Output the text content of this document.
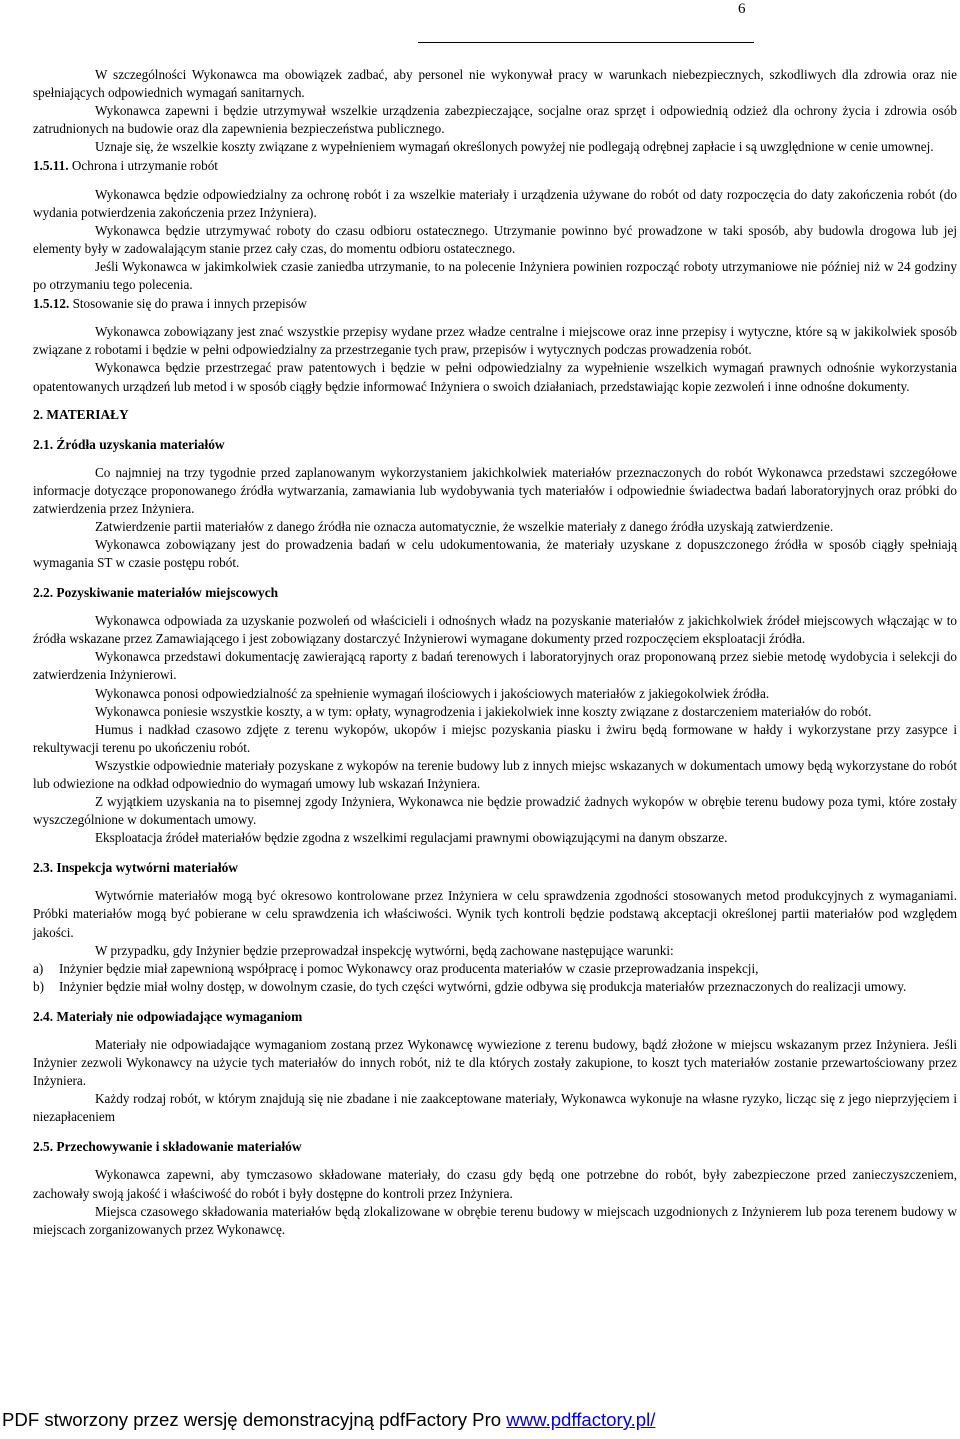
6

W szczególności Wykonawca ma obowiązek zadbać, aby personel nie wykonywał pracy w warunkach niebezpiecznych, szkodliwych dla zdrowia oraz nie spełniających odpowiednich wymagań sanitarnych.

Wykonawca zapewni i będzie utrzymywał wszelkie urządzenia zabezpieczające, socjalne oraz sprzęt i odpowiednią odzież dla ochrony życia i zdrowia osób zatrudnionych na budowie oraz dla zapewnienia bezpieczeństwa publicznego.

Uznaje się, że wszelkie koszty związane z wypełnieniem wymagań określonych powyżej nie podlegają odrębnej zapłacie i są uwzględnione w cenie umownej.

1.5.11. Ochrona i utrzymanie robót

Wykonawca będzie odpowiedzialny za ochronę robót i za wszelkie materiały i urządzenia używane do robót od daty rozpoczęcia do daty zakończenia robót (do wydania potwierdzenia zakończenia przez Inżyniera).

Wykonawca będzie utrzymywać roboty do czasu odbioru ostatecznego. Utrzymanie powinno być prowadzone w taki sposób, aby budowla drogowa lub jej elementy były w zadowalającym stanie przez cały czas, do momentu odbioru ostatecznego.

Jeśli Wykonawca w jakimkolwiek czasie zaniedba utrzymanie, to na polecenie Inżyniera powinien rozpocząć roboty utrzymaniowe nie później niż w 24 godziny po otrzymaniu tego polecenia.

1.5.12. Stosowanie się do prawa i innych przepisów

Wykonawca zobowiązany jest znać wszystkie przepisy wydane przez władze centralne i miejscowe oraz inne przepisy i wytyczne, które są w jakikolwiek sposób związane z robotami i będzie w pełni odpowiedzialny za przestrzeganie tych praw, przepisów i wytycznych podczas prowadzenia robót.

Wykonawca będzie przestrzegać praw patentowych i będzie w pełni odpowiedzialny za wypełnienie wszelkich wymagań prawnych odnośnie wykorzystania opatentowanych urządzeń lub metod i w sposób ciągły będzie informować Inżyniera o swoich działaniach, przedstawiając kopie zezwoleń i inne odnośne dokumenty.

2. MATERIAŁY
2.1. Źródła uzyskania materiałów

Co najmniej na trzy tygodnie przed zaplanowanym wykorzystaniem jakichkolwiek materiałów przeznaczonych do robót Wykonawca przedstawi szczegółowe informacje dotyczące proponowanego źródła wytwarzania, zamawiania lub wydobywania tych materiałów i odpowiednie świadectwa badań laboratoryjnych oraz próbki do zatwierdzenia przez Inżyniera.

Zatwierdzenie partii materiałów z danego źródła nie oznacza automatycznie, że wszelkie materiały z danego źródła uzyskają zatwierdzenie.

Wykonawca zobowiązany jest do prowadzenia badań w celu udokumentowania, że materiały uzyskane z dopuszczonego źródła w sposób ciągły spełniają wymagania ST w czasie postępu robót.

2.2. Pozyskiwanie materiałów miejscowych

Wykonawca odpowiada za uzyskanie pozwoleń od właścicieli i odnośnych władz na pozyskanie materiałów z jakichkolwiek źródeł miejscowych włączając w to źródła wskazane przez Zamawiającego i jest zobowiązany dostarczyć Inżynierowi wymagane dokumenty przed rozpoczęciem eksploatacji źródła.

Wykonawca przedstawi dokumentację zawierającą raporty z badań terenowych i laboratoryjnych oraz proponowaną przez siebie metodę wydobycia i selekcji do zatwierdzenia Inżynierowi.

Wykonawca ponosi odpowiedzialność za spełnienie wymagań ilościowych i jakościowych materiałów z jakiegokolwiek źródła.

Wykonawca poniesie wszystkie koszty, a w tym: opłaty, wynagrodzenia i jakiekolwiek inne koszty związane z dostarczeniem materiałów do robót.

Humus i nadkład czasowo zdjęte z terenu wykopów, ukopów i miejsc pozyskania piasku i żwiru będą formowane w hałdy i wykorzystane przy zasypce i rekultywacji terenu po ukończeniu robót.

Wszystkie odpowiednie materiały pozyskane z wykopów na terenie budowy lub z innych miejsc wskazanych w dokumentach umowy będą wykorzystane do robót lub odwiezione na odkład odpowiednio do wymagań umowy lub wskazań Inżyniera.

Z wyjątkiem uzyskania na to pisemnej zgody Inżyniera, Wykonawca nie będzie prowadzić żadnych wykopów w obrębie terenu budowy poza tymi, które zostały wyszczególnione w dokumentach umowy.

Eksploatacja źródeł materiałów będzie zgodna z wszelkimi regulacjami prawnymi obowiązującymi na danym obszarze.

2.3. Inspekcja wytwórni materiałów

Wytwórnie materiałów mogą być okresowo kontrolowane przez Inżyniera w celu sprawdzenia zgodności stosowanych metod produkcyjnych z wymaganiami. Próbki materiałów mogą być pobierane w celu sprawdzenia ich właściwości. Wynik tych kontroli będzie podstawą akceptacji określonej partii materiałów pod względem jakości.

W przypadku, gdy Inżynier będzie przeprowadzał inspekcję wytwórni, będą zachowane następujące warunki:

a)	Inżynier będzie miał zapewnioną współpracę i pomoc Wykonawcy oraz producenta materiałów w czasie przeprowadzania inspekcji,
b)	Inżynier będzie miał wolny dostęp, w dowolnym czasie, do tych części wytwórni, gdzie odbywa się produkcja materiałów przeznaczonych do realizacji umowy.
2.4. Materiały nie odpowiadające wymaganiom

Materiały nie odpowiadające wymaganiom zostaną przez Wykonawcę wywiezione z terenu budowy, bądź złożone w miejscu wskazanym przez Inżyniera. Jeśli Inżynier zezwoli Wykonawcy na użycie tych materiałów do innych robót, niż te dla których zostały zakupione, to koszt tych materiałów zostanie przewartościowany przez Inżyniera.

Każdy rodzaj robót, w którym znajdują się nie zbadane i nie zaakceptowane materiały, Wykonawca wykonuje na własne ryzyko, licząc się z jego nieprzyjęciem i niezapłaceniem

2.5. Przechowywanie i składowanie materiałów

Wykonawca zapewni, aby tymczasowo składowane materiały, do czasu gdy będą one potrzebne do robót, były zabezpieczone przed zanieczyszczeniem, zachowały swoją jakość i właściwość do robót i były dostępne do kontroli przez Inżyniera.

Miejsca czasowego składowania materiałów będą zlokalizowane w obrębie terenu budowy w miejscach uzgodnionych z Inżynierem lub poza terenem budowy w miejscach zorganizowanych przez Wykonawcę.

PDF stworzony przez wersję demonstracyjną pdfFactory Pro www.pdffactory.pl/
